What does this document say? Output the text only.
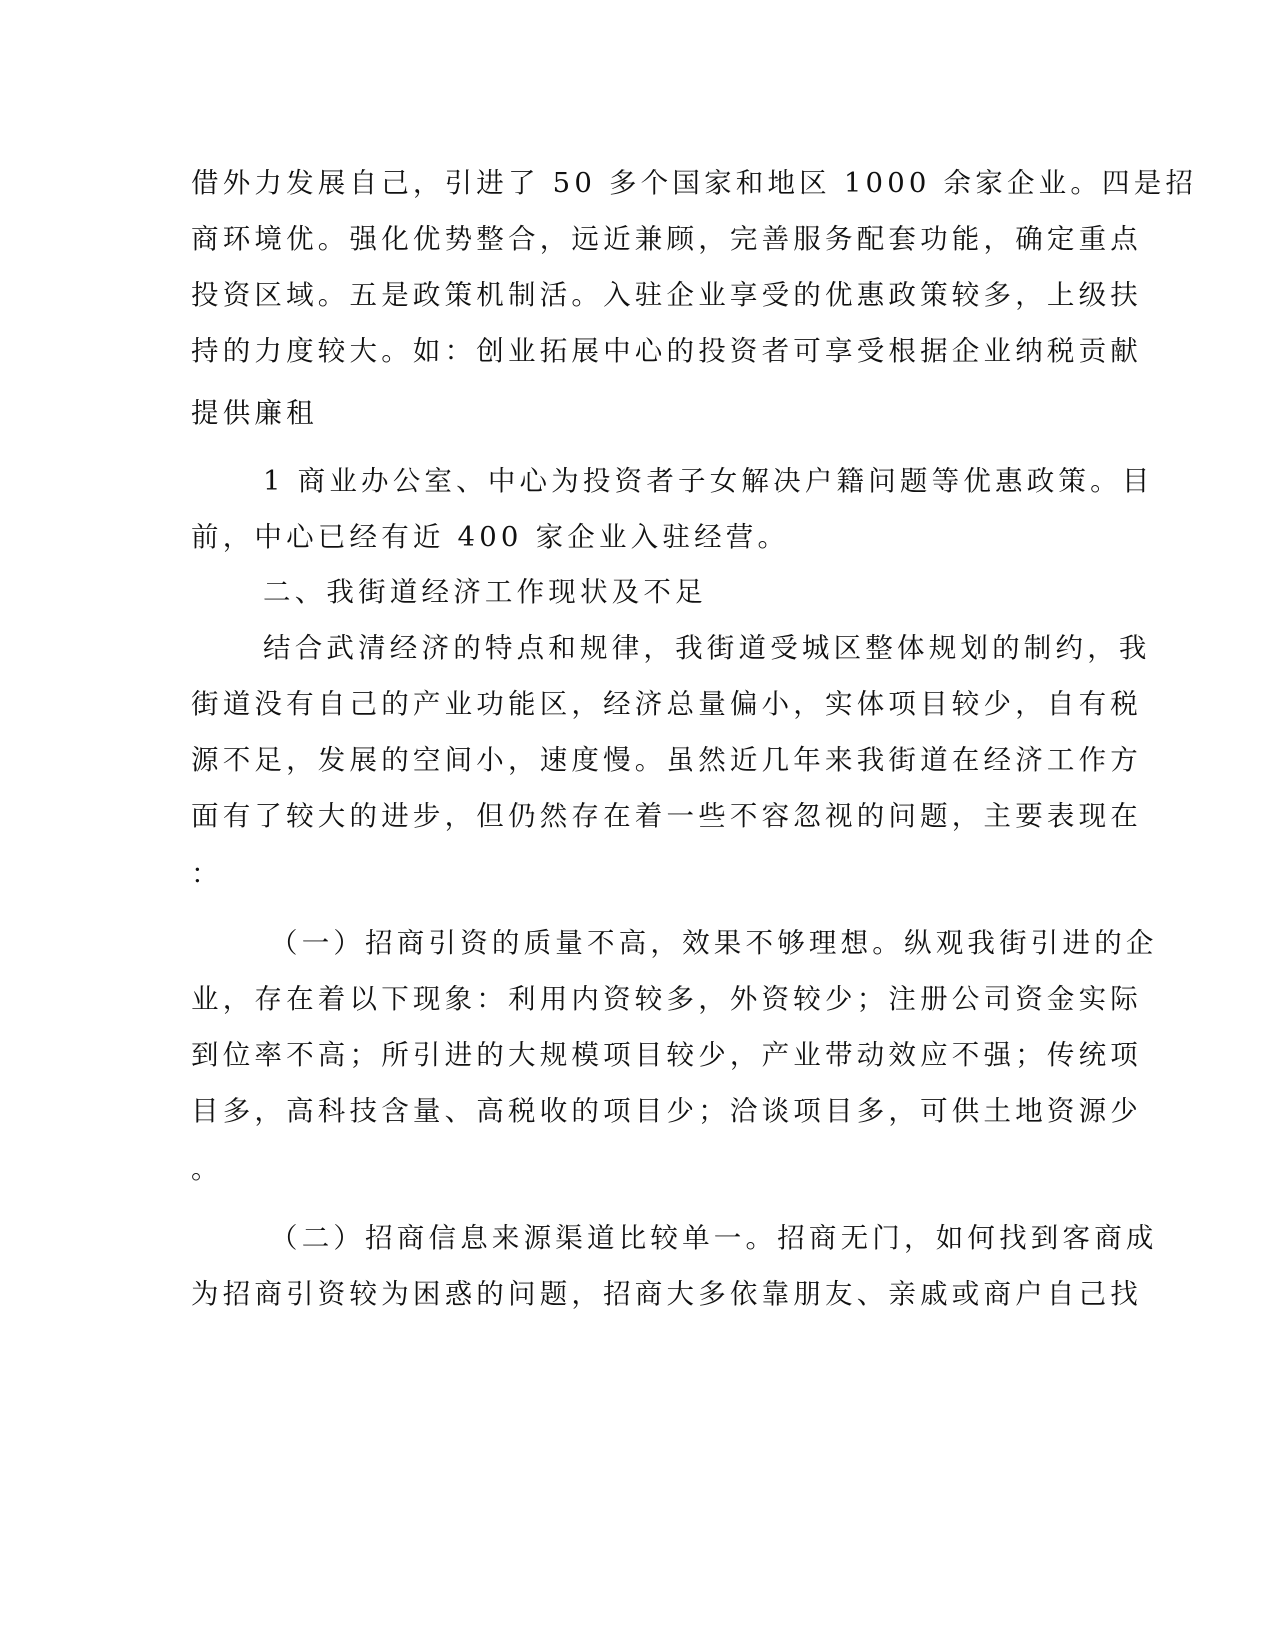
借外力发展自己，引进了 50 多个国家和地区 1000 余家企业。四是招
商环境优。强化优势整合，远近兼顾，完善服务配套功能，确定重点
投资区域。五是政策机制活。入驻企业享受的优惠政策较多，上级扶
持的力度较大。如：创业拓展中心的投资者可享受根据企业纳税贡献
提供廉租
1 商业办公室、中心为投资者子女解决户籍问题等优惠政策。目
前，中心已经有近 400 家企业入驻经营。
二、我街道经济工作现状及不足
结合武清经济的特点和规律，我街道受城区整体规划的制约，我
街道没有自己的产业功能区，经济总量偏小，实体项目较少，自有税
源不足，发展的空间小，速度慢。虽然近几年来我街道在经济工作方
面有了较大的进步，但仍然存在着一些不容忽视的问题，主要表现在
：
（一）招商引资的质量不高，效果不够理想。纵观我街引进的企
业，存在着以下现象：利用内资较多，外资较少；注册公司资金实际
到位率不高；所引进的大规模项目较少，产业带动效应不强；传统项
目多，高科技含量、高税收的项目少；洽谈项目多，可供土地资源少
。
（二）招商信息来源渠道比较单一。招商无门，如何找到客商成
为招商引资较为困惑的问题，招商大多依靠朋友、亲戚或商户自己找
